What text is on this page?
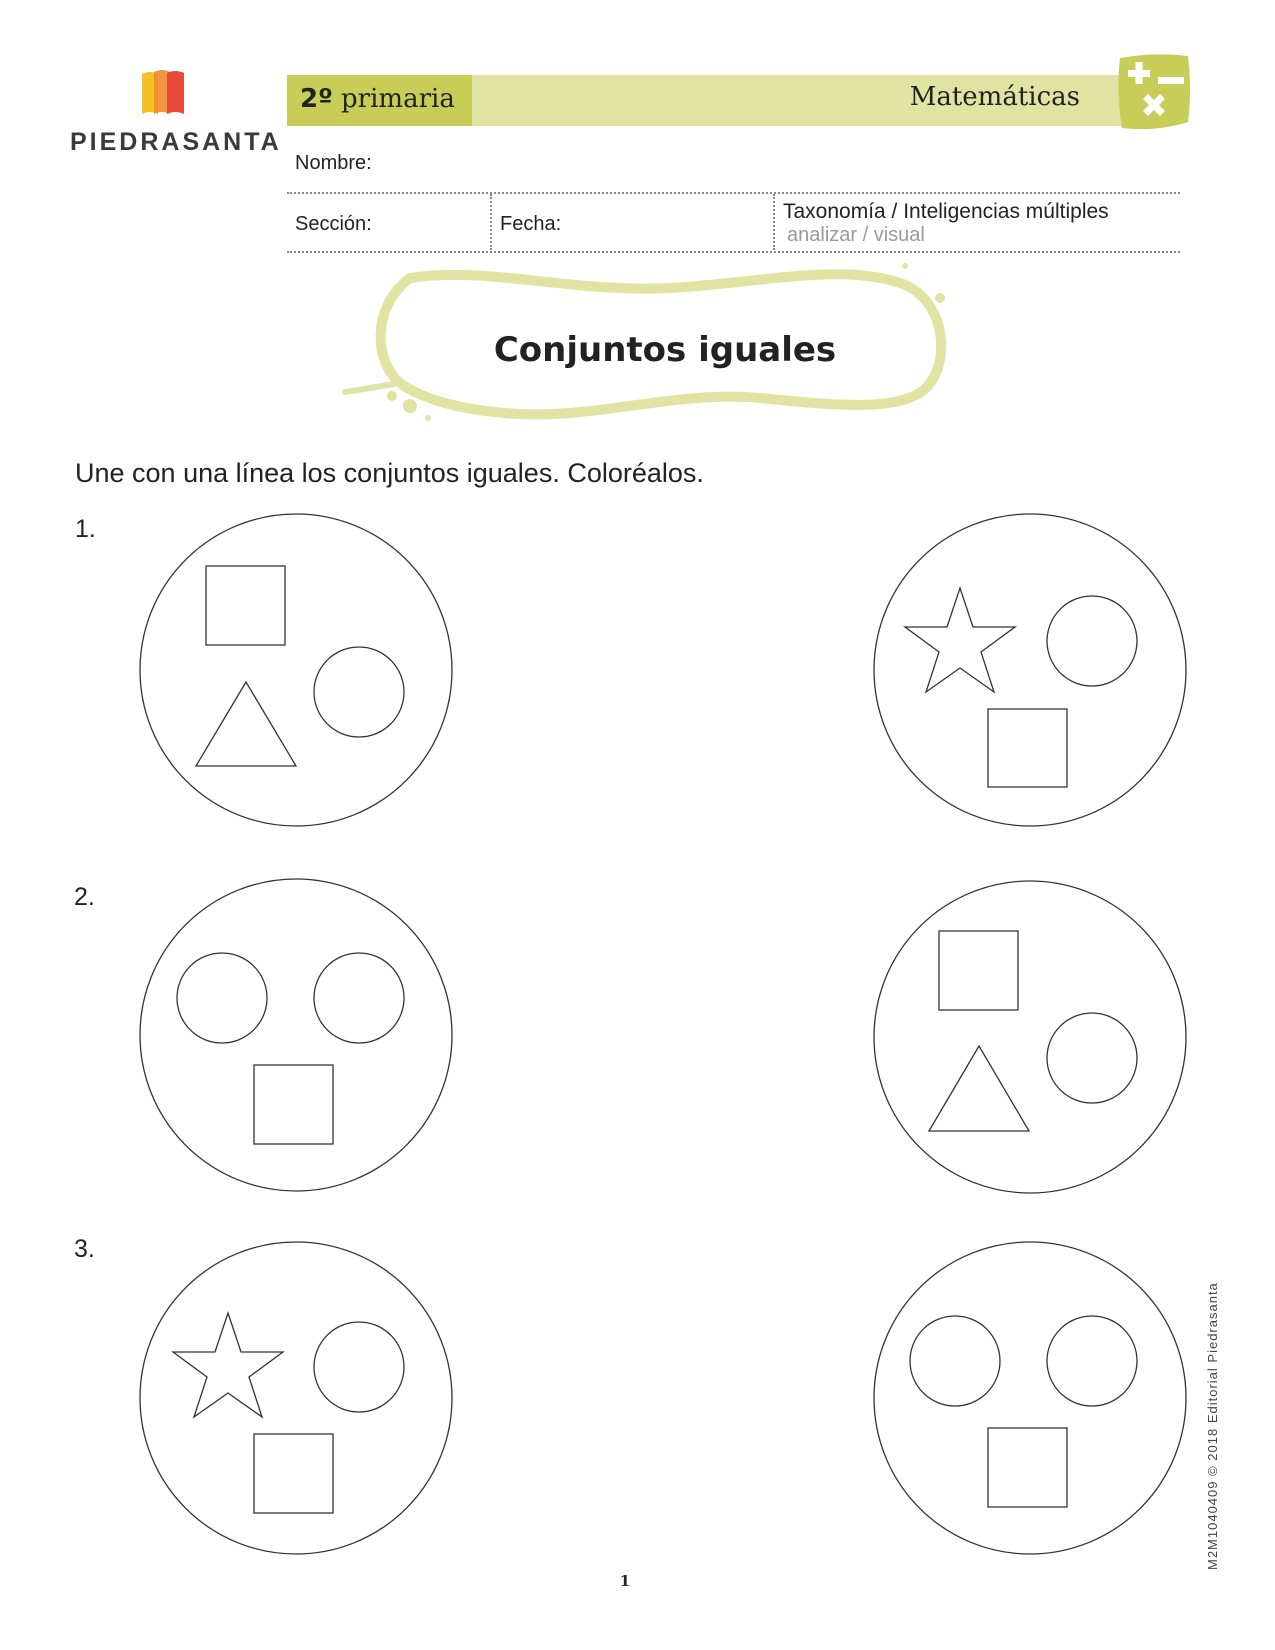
PIEDRASANTA
2º primaria	Matemáticas
Nombre:
Sección:	Fecha:
Taxonomía / Inteligencias múltiples
analizar / visual
Conjuntos iguales
Une con una línea los conjuntos iguales. Coloréalos.
1.
2.
3.
1
M2M1040409 © 2018 Editorial Piedrasanta
